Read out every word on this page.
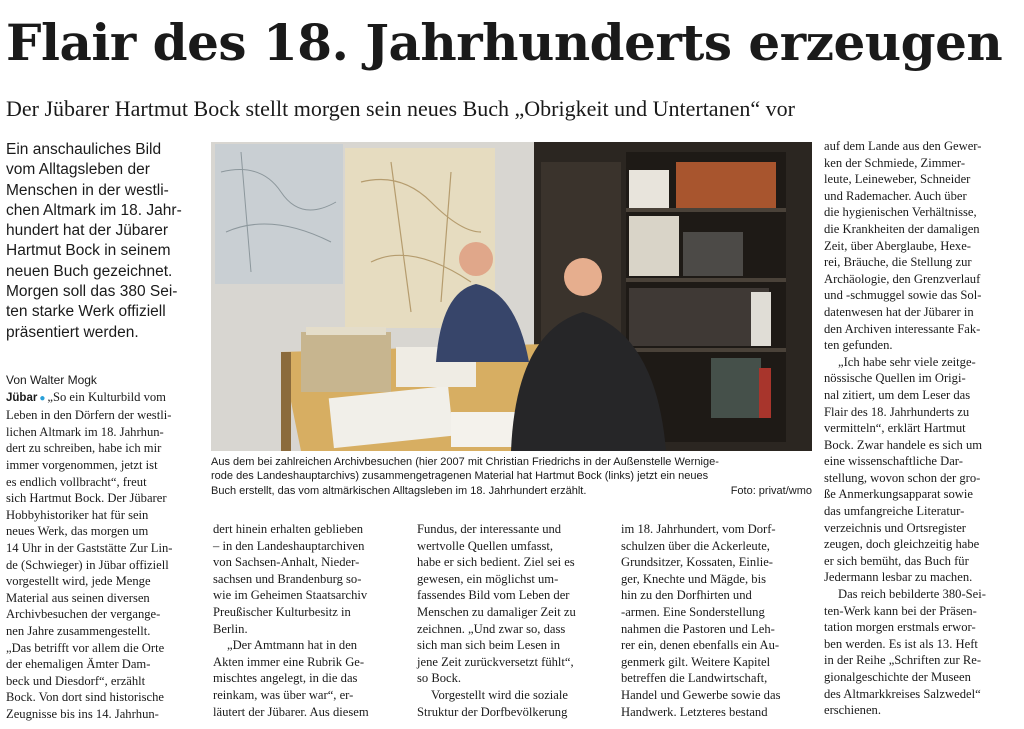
Flair des 18. Jahrhunderts erzeugen
Der Jübarer Hartmut Bock stellt morgen sein neues Buch „Obrigkeit und Untertanen“ vor
Ein anschauliches Bild
vom Alltagsleben der
Menschen in der westli-
chen Altmark im 18. Jahr-
hundert hat der Jübarer
Hartmut Bock in seinem
neuen Buch gezeichnet.
Morgen soll das 380 Sei-
ten starke Werk offiziell
präsentiert werden.
Aus dem bei zahlreichen Archivbesuchen (hier 2007 mit Christian Friedrichs in der Außenstelle Wernige-
rode des Landeshauptarchivs) zusammengetragenen Material hat Hartmut Bock (links) jetzt ein neues
Buch erstellt, das vom altmärkischen Alltagsleben im 18. Jahrhundert erzählt.	Foto: privat/wmo
Von Walter Mogk
Jübar ● „So ein Kulturbild vom
Leben in den Dörfern der westli-
lichen Altmark im 18. Jahrhun-
dert zu schreiben, habe ich mir
immer vorgenommen, jetzt ist
es endlich vollbracht“, freut
sich Hartmut Bock. Der Jübarer
Hobbyhistoriker hat für sein
neues Werk, das morgen um
14 Uhr in der Gaststätte Zur Lin-
de (Schwieger) in Jübar offiziell
vorgestellt wird, jede Menge
Material aus seinen diversen
Archivbesuchen der vergange-
nen Jahre zusammengestellt.
„Das betrifft vor allem die Orte
der ehemaligen Ämter Dam-
beck und Diesdorf“, erzählt
Bock. Von dort sind historische
Zeugnisse bis ins 14. Jahrhun-
dert hinein erhalten geblieben
– in den Landeshauptarchiven
von Sachsen-Anhalt, Nieder-
sachsen und Brandenburg so-
wie im Geheimen Staatsarchiv
Preußischer Kulturbesitz in
Berlin.
„Der Amtmann hat in den
Akten immer eine Rubrik Ge-
mischtes angelegt, in die das
reinkam, was über war“, er-
läutert der Jübarer. Aus diesem
Fundus, der interessante und
wertvolle Quellen umfasst,
habe er sich bedient. Ziel sei es
gewesen, ein möglichst um-
fassendes Bild vom Leben der
Menschen zu damaliger Zeit zu
zeichnen. „Und zwar so, dass
sich man sich beim Lesen in
jene Zeit zurückversetzt fühlt“,
so Bock.
Vorgestellt wird die soziale
Struktur der Dorfbevölkerung
im 18. Jahrhundert, vom Dorf-
schulzen über die Ackerleute,
Grundsitzer, Kossaten, Einlie-
ger, Knechte und Mägde, bis
hin zu den Dorfhirten und
-armen. Eine Sonderstellung
nahmen die Pastoren und Leh-
rer ein, denen ebenfalls ein Au-
genmerk gilt. Weitere Kapitel
betreffen die Landwirtschaft,
Handel und Gewerbe sowie das
Handwerk. Letzteres bestand
auf dem Lande aus den Gewer-
ken der Schmiede, Zimmer-
leute, Leineweber, Schneider
und Rademacher. Auch über
die hygienischen Verhältnisse,
die Krankheiten der damaligen
Zeit, über Aberglaube, Hexe-
rei, Bräuche, die Stellung zur
Archäologie, den Grenzverlauf
und -schmuggel sowie das Sol-
datenwesen hat der Jübarer in
den Archiven interessante Fak-
ten gefunden.
„Ich habe sehr viele zeitge-
nössische Quellen im Origi-
nal zitiert, um dem Leser das
Flair des 18. Jahrhunderts zu
vermitteln“, erklärt Hartmut
Bock. Zwar handele es sich um
eine wissenschaftliche Dar-
stellung, wovon schon der gro-
ße Anmerkungsapparat sowie
das umfangreiche Literatur-
verzeichnis und Ortsregister
zeugen, doch gleichzeitig habe
er sich bemüht, das Buch für
Jedermann lesbar zu machen.
Das reich bebilderte 380-Sei-
ten-Werk kann bei der Präsen-
tation morgen erstmals erwor-
ben werden. Es ist als 13. Heft
in der Reihe „Schriften zur Re-
gionalgeschichte der Museen
des Altmarkkreises Salzwedel“
erschienen.
